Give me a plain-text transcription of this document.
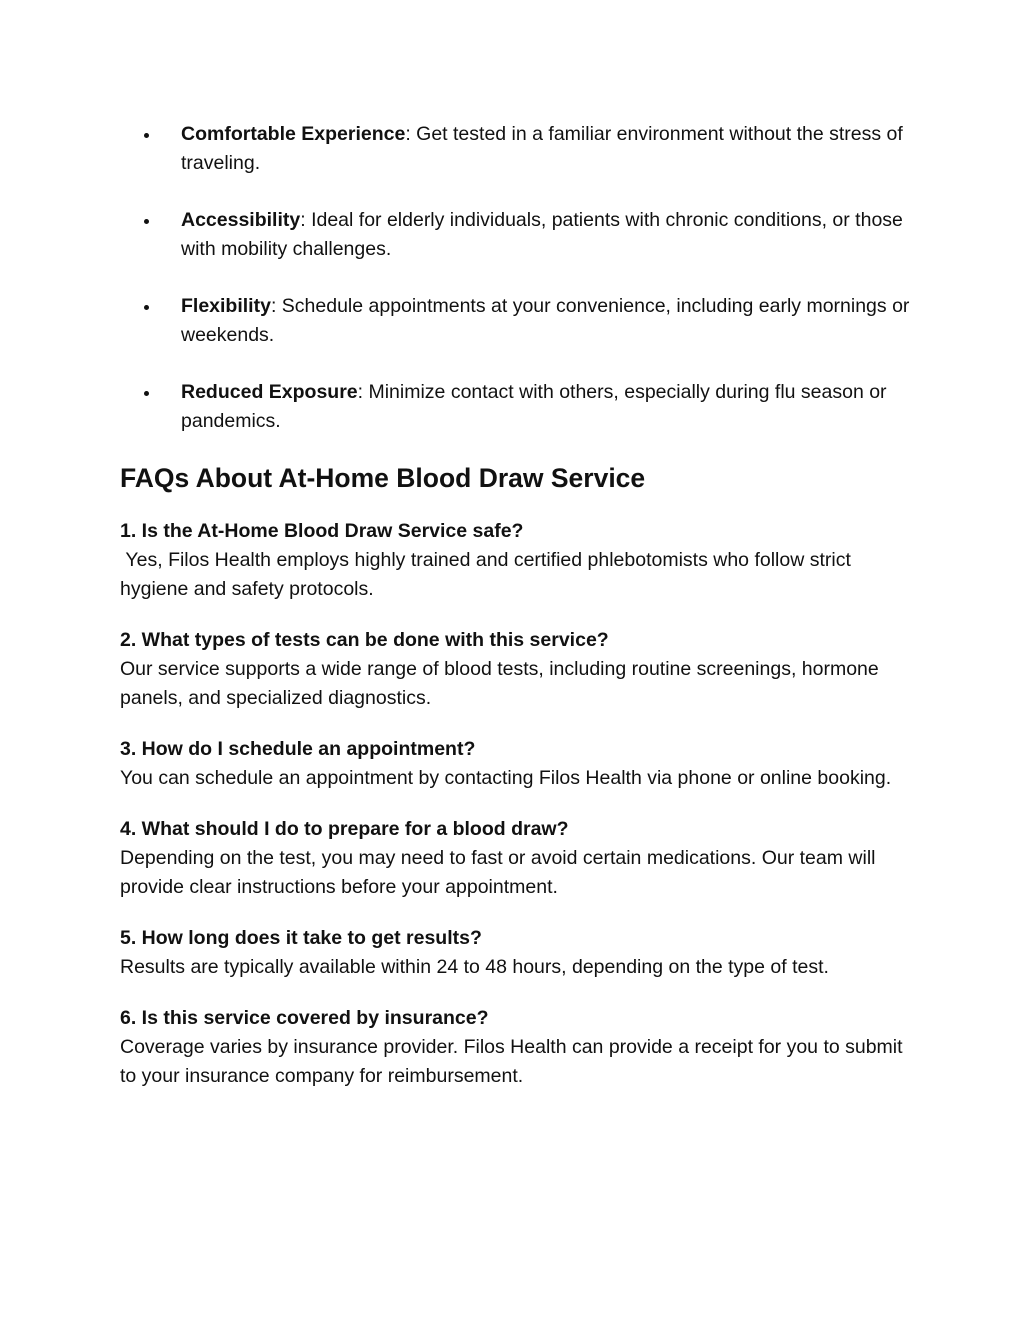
Comfortable Experience: Get tested in a familiar environment without the stress of traveling.
Accessibility: Ideal for elderly individuals, patients with chronic conditions, or those with mobility challenges.
Flexibility: Schedule appointments at your convenience, including early mornings or weekends.
Reduced Exposure: Minimize contact with others, especially during flu season or pandemics.
FAQs About At-Home Blood Draw Service
1. Is the At-Home Blood Draw Service safe?
Yes, Filos Health employs highly trained and certified phlebotomists who follow strict hygiene and safety protocols.
2. What types of tests can be done with this service?
Our service supports a wide range of blood tests, including routine screenings, hormone panels, and specialized diagnostics.
3. How do I schedule an appointment?
You can schedule an appointment by contacting Filos Health via phone or online booking.
4. What should I do to prepare for a blood draw?
Depending on the test, you may need to fast or avoid certain medications. Our team will provide clear instructions before your appointment.
5. How long does it take to get results?
Results are typically available within 24 to 48 hours, depending on the type of test.
6. Is this service covered by insurance?
Coverage varies by insurance provider. Filos Health can provide a receipt for you to submit to your insurance company for reimbursement.
